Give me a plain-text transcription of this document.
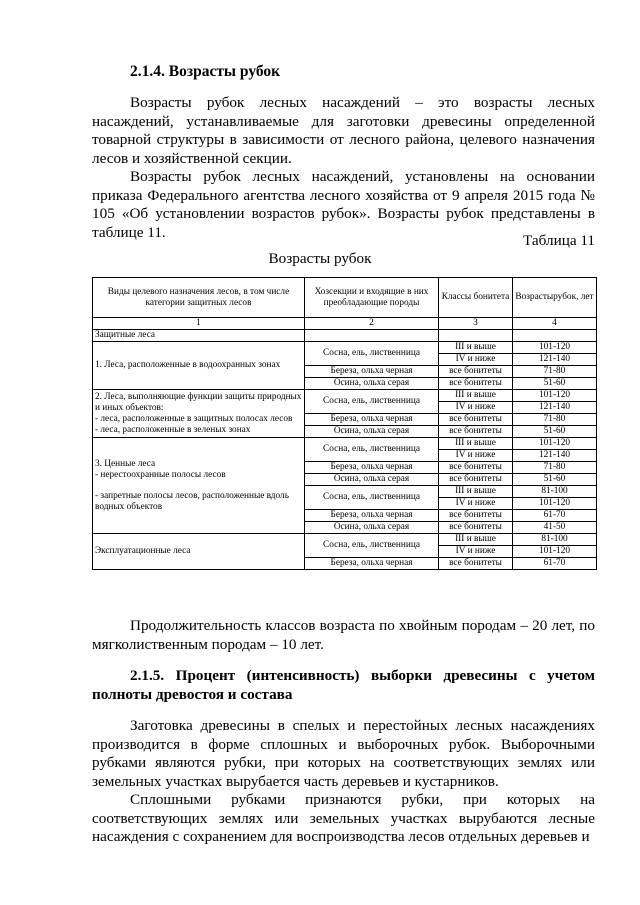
2.1.4. Возрасты рубок

Возрасты рубок лесных насаждений – это возрасты лесных насаждений, устанавливаемые для заготовки древесины определенной товарной структуры в зависимости от лесного района, целевого назначения лесов и хозяйственной секции.

Возрасты рубок лесных насаждений, установлены на основании приказа Федерального агентства лесного хозяйства от 9 апреля 2015 года № 105 «Об установлении возрастов рубок». Возрасты рубок представлены в таблице 11.	Таблица 11
Возрасты рубок
Виды целевого назначения лесов, в том числе категории защитных лесов	Хозсекции и входящие в них преобладающие породы	Классы бонитета	Возрастырубок, лет
1	2	3	4
Защитные леса			

1. Леса, расположенные в водоохранных зонах	Сосна, ель, лиственница	III и выше	101-120
		IV и ниже	121-140
	Береза, ольха черная	все бонитеты	71-80
	Осина, ольха серая	все бонитеты	51-60

2. Леса, выполняющие функции защиты природных и иных объектов:
- леса, расположенные в защитных полосах лесов
- леса, расположенные в зеленых зонах	Сосна, ель, лиственница	III и выше	101-120
		IV и ниже	121-140
	Береза, ольха черная	все бонитеты	71-80
	Осина, ольха серая	все бонитеты	51-60

3. Ценные леса
- нерестоохранные полосы лесов
- запретные полосы лесов, расположенные вдоль водных объектов	Сосна, ель, лиственница	III и выше	101-120
		IV и ниже	121-140
	Береза, ольха черная	все бонитеты	71-80
	Осина, ольха серая	все бонитеты	51-60
	Сосна, ель, лиственница	III и выше	81-100
		IV и ниже	101-120
	Береза, ольха черная	все бонитеты	61-70
	Осина, ольха серая	все бонитеты	41-50

Эксплуатационные леса	Сосна, ель, лиственница	III и выше	81-100
		IV и ниже	101-120
	Береза, ольха черная	все бонитеты	61-70

Продолжительность классов возраста по хвойным породам – 20 лет, по мягколиственным породам – 10 лет.

2.1.5. Процент (интенсивность) выборки древесины с учетом полноты древостоя и состава

Заготовка древесины в спелых и перестойных лесных насаждениях производится в форме сплошных и выборочных рубок. Выборочными рубками являются рубки, при которых на соответствующих землях или земельных участках вырубается часть деревьев и кустарников.

Сплошными рубками признаются рубки, при которых на соответствующих землях или земельных участках вырубаются лесные насаждения с сохранением для воспроизводства лесов отдельных деревьев и
